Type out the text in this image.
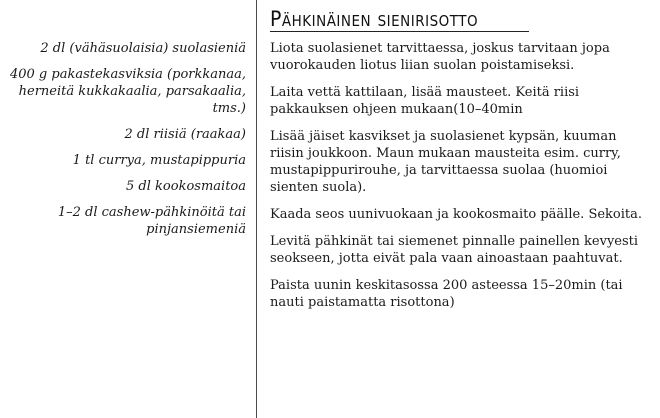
Pähkinäinen sienirisotto
2 dl (vähäsuolaisia) suolasieniä
400 g pakastekasviksia (porkkanaa, herneitä kukkakaalia, parsakaalia, tms.)
2 dl riisiä (raakaa)
1 tl currya, mustapippuria
5 dl kookosmaitoa
1–2 dl cashew-pähkinöitä tai pinjansiemeniä

Liota suolasienet tarvittaessa, joskus tarvitaan jopa vuorokauden liotus liian suolan poistamiseksi.

Laita vettä kattilaan, lisää mausteet. Keitä riisi pakkauksen ohjeen mukaan(10–40min

Lisää jäiset kasvikset ja suolasienet kypsän, kuuman riisin joukkoon. Maun mukaan mausteita esim. curry, mustapippurirouhe, ja tarvittaessa suolaa (huomioi sienten suola).

Kaada seos uunivuokaan ja kookosmaito päälle. Sekoita.

Levitä pähkinät tai siemenet pinnalle painellen kevyesti seokseen, jotta eivät pala vaan ainoastaan paahtuvat.

Paista uunin keskitasossa 200 asteessa 15–20min (tai nauti paistamatta risottona)
